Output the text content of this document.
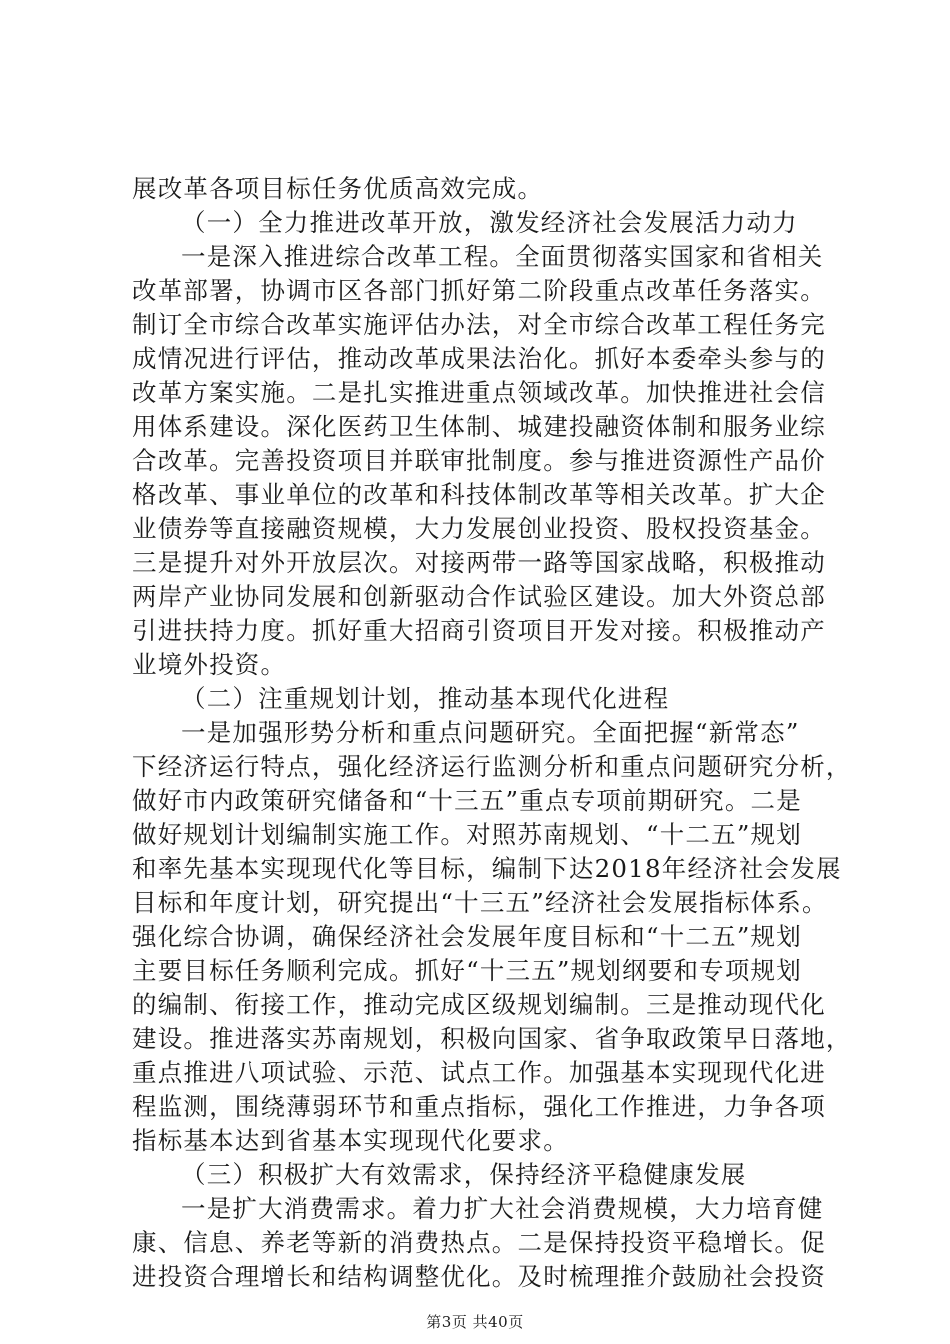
展改革各项目标任务优质高效完成。
（一）全力推进改革开放，激发经济社会发展活力动力
一是深入推进综合改革工程。全面贯彻落实国家和省相关
改革部署，协调市区各部门抓好第二阶段重点改革任务落实。
制订全市综合改革实施评估办法，对全市综合改革工程任务完
成情况进行评估，推动改革成果法治化。抓好本委牵头参与的
改革方案实施。二是扎实推进重点领域改革。加快推进社会信
用体系建设。深化医药卫生体制、城建投融资体制和服务业综
合改革。完善投资项目并联审批制度。参与推进资源性产品价
格改革、事业单位的改革和科技体制改革等相关改革。扩大企
业债券等直接融资规模，大力发展创业投资、股权投资基金。
三是提升对外开放层次。对接两带一路等国家战略，积极推动
两岸产业协同发展和创新驱动合作试验区建设。加大外资总部
引进扶持力度。抓好重大招商引资项目开发对接。积极推动产
业境外投资。
（二）注重规划计划，推动基本现代化进程
一是加强形势分析和重点问题研究。全面把握“新常态”
下经济运行特点，强化经济运行监测分析和重点问题研究分析，
做好市内政策研究储备和“十三五”重点专项前期研究。二是
做好规划计划编制实施工作。对照苏南规划、“十二五”规划
和率先基本实现现代化等目标，编制下达2018年经济社会发展
目标和年度计划，研究提出“十三五”经济社会发展指标体系。
强化综合协调，确保经济社会发展年度目标和“十二五”规划
主要目标任务顺利完成。抓好“十三五”规划纲要和专项规划
的编制、衔接工作，推动完成区级规划编制。三是推动现代化
建设。推进落实苏南规划，积极向国家、省争取政策早日落地，
重点推进八项试验、示范、试点工作。加强基本实现现代化进
程监测，围绕薄弱环节和重点指标，强化工作推进，力争各项
指标基本达到省基本实现现代化要求。
（三）积极扩大有效需求，保持经济平稳健康发展
一是扩大消费需求。着力扩大社会消费规模，大力培育健
康、信息、养老等新的消费热点。二是保持投资平稳增长。促
进投资合理增长和结构调整优化。及时梳理推介鼓励社会投资
第3页 共40页
